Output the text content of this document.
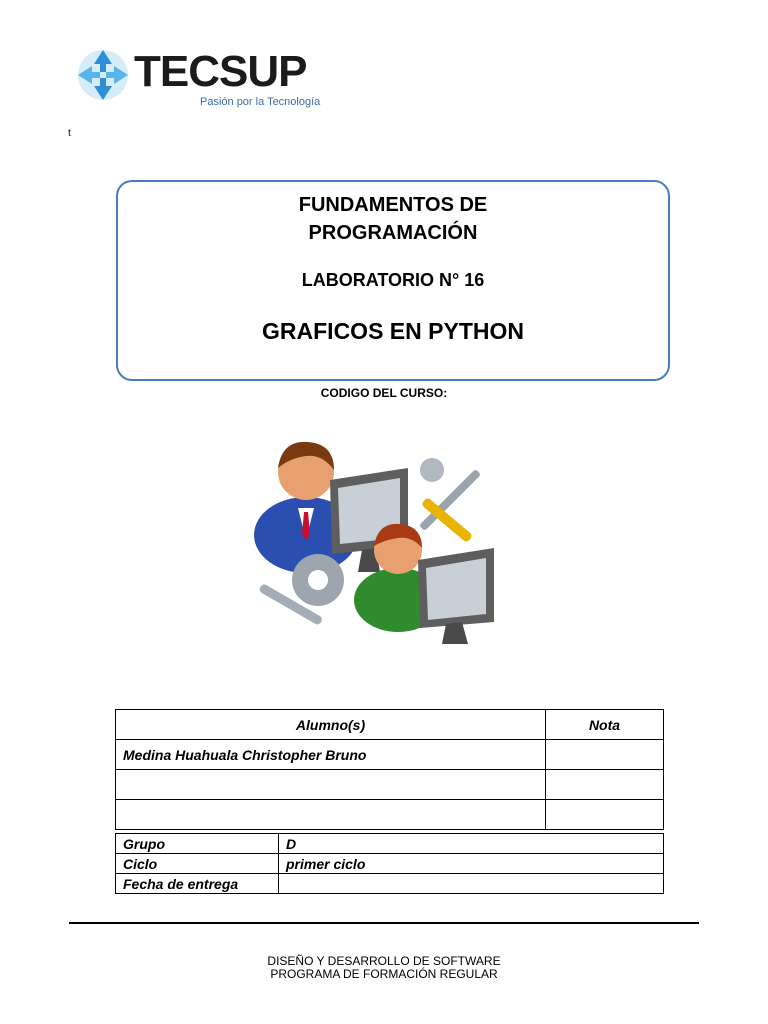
TECSUP
Pasión por la Tecnología
t
FUNDAMENTOS DE
PROGRAMACIÓN
LABORATORIO N° 16
GRAFICOS EN PYTHON
CODIGO DEL CURSO:
Alumno(s)	Nota
Medina Huahuala Christopher Bruno	

Grupo	D
Ciclo	primer ciclo
Fecha de entrega	
DISEÑO Y DESARROLLO DE SOFTWARE
PROGRAMA DE FORMACIÓN REGULAR
